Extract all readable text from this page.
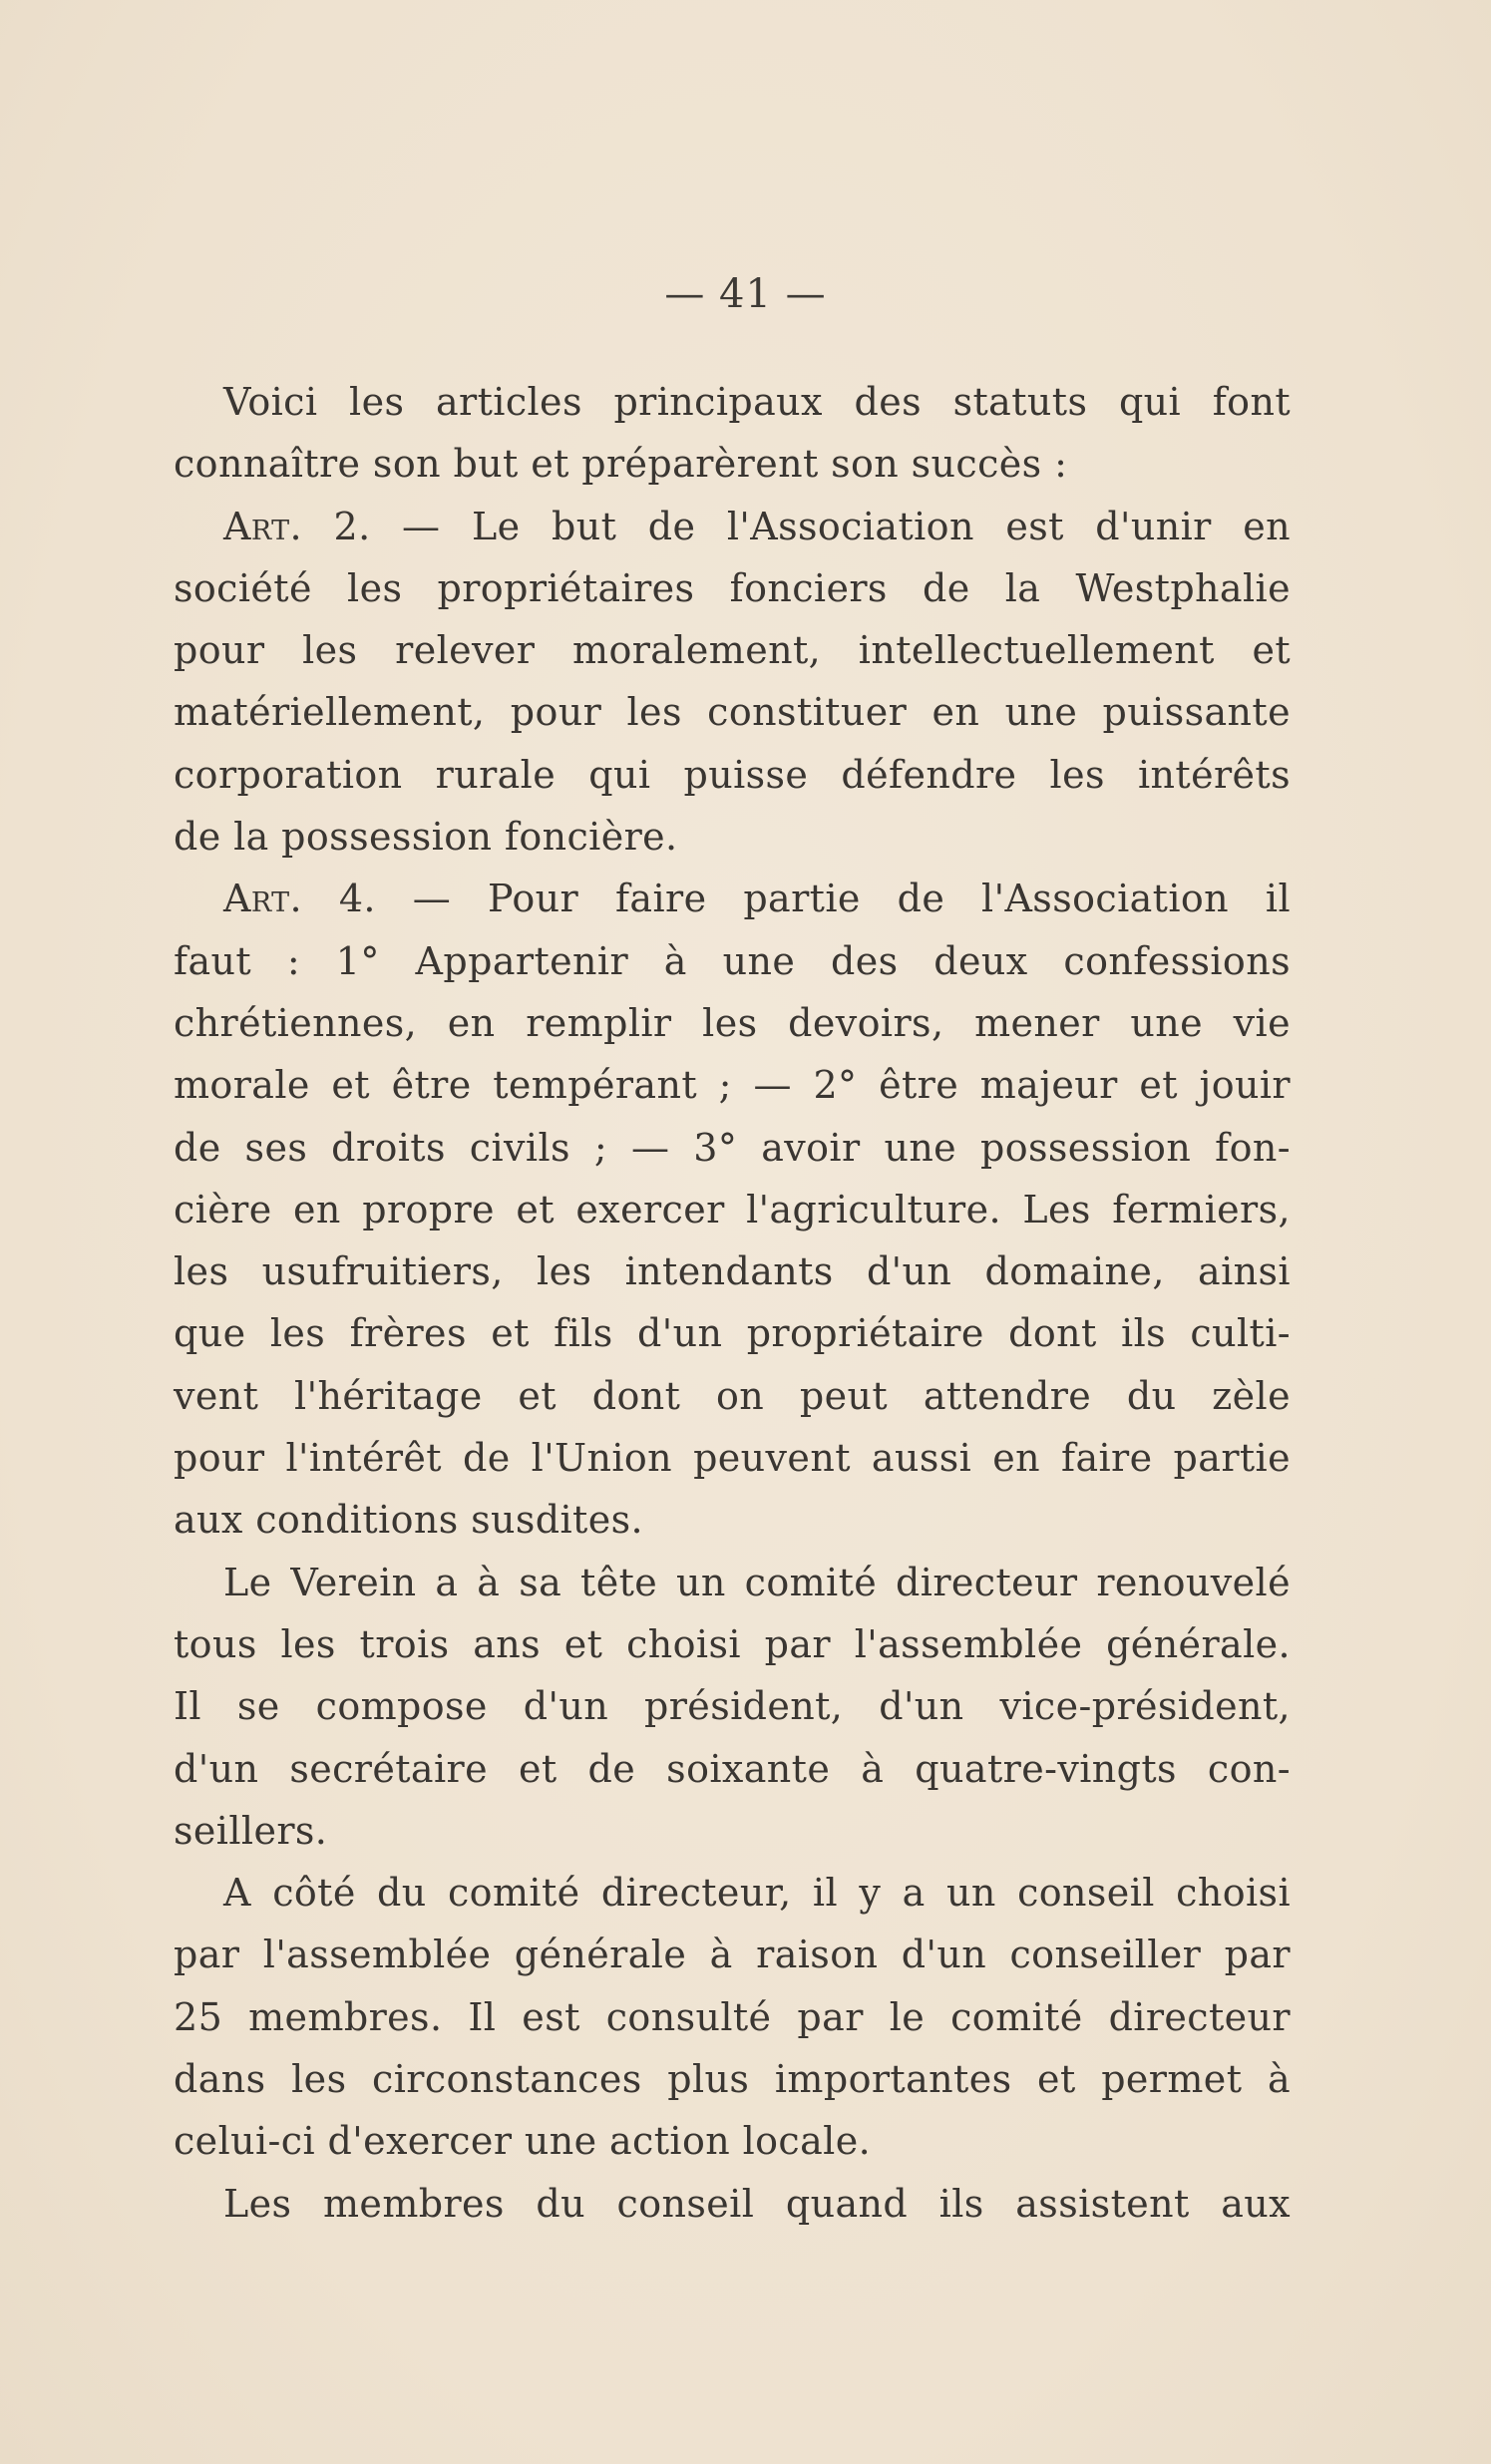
— 41 —
Voici les articles principaux des statuts qui font
connaître son but et préparèrent son succès :
Art. 2. — Le but de l'Association est d'unir en
société les propriétaires fonciers de la Westphalie
pour les relever moralement, intellectuellement et
matériellement, pour les constituer en une puissante
corporation rurale qui puisse défendre les intérêts
de la possession foncière.
Art. 4. — Pour faire partie de l'Association il
faut : 1° Appartenir à une des deux confessions
chrétiennes, en remplir les devoirs, mener une vie
morale et être tempérant ; — 2° être majeur et jouir
de ses droits civils ; — 3° avoir une possession fon-
cière en propre et exercer l'agriculture. Les fermiers,
les usufruitiers, les intendants d'un domaine, ainsi
que les frères et fils d'un propriétaire dont ils culti-
vent l'héritage et dont on peut attendre du zèle
pour l'intérêt de l'Union peuvent aussi en faire partie
aux conditions susdites.
Le Verein a à sa tête un comité directeur renouvelé
tous les trois ans et choisi par l'assemblée générale.
Il se compose d'un président, d'un vice-président,
d'un secrétaire et de soixante à quatre-vingts con-
seillers.
A côté du comité directeur, il y a un conseil choisi
par l'assemblée générale à raison d'un conseiller par
25 membres. Il est consulté par le comité directeur
dans les circonstances plus importantes et permet à
celui-ci d'exercer une action locale.
Les membres du conseil quand ils assistent aux
